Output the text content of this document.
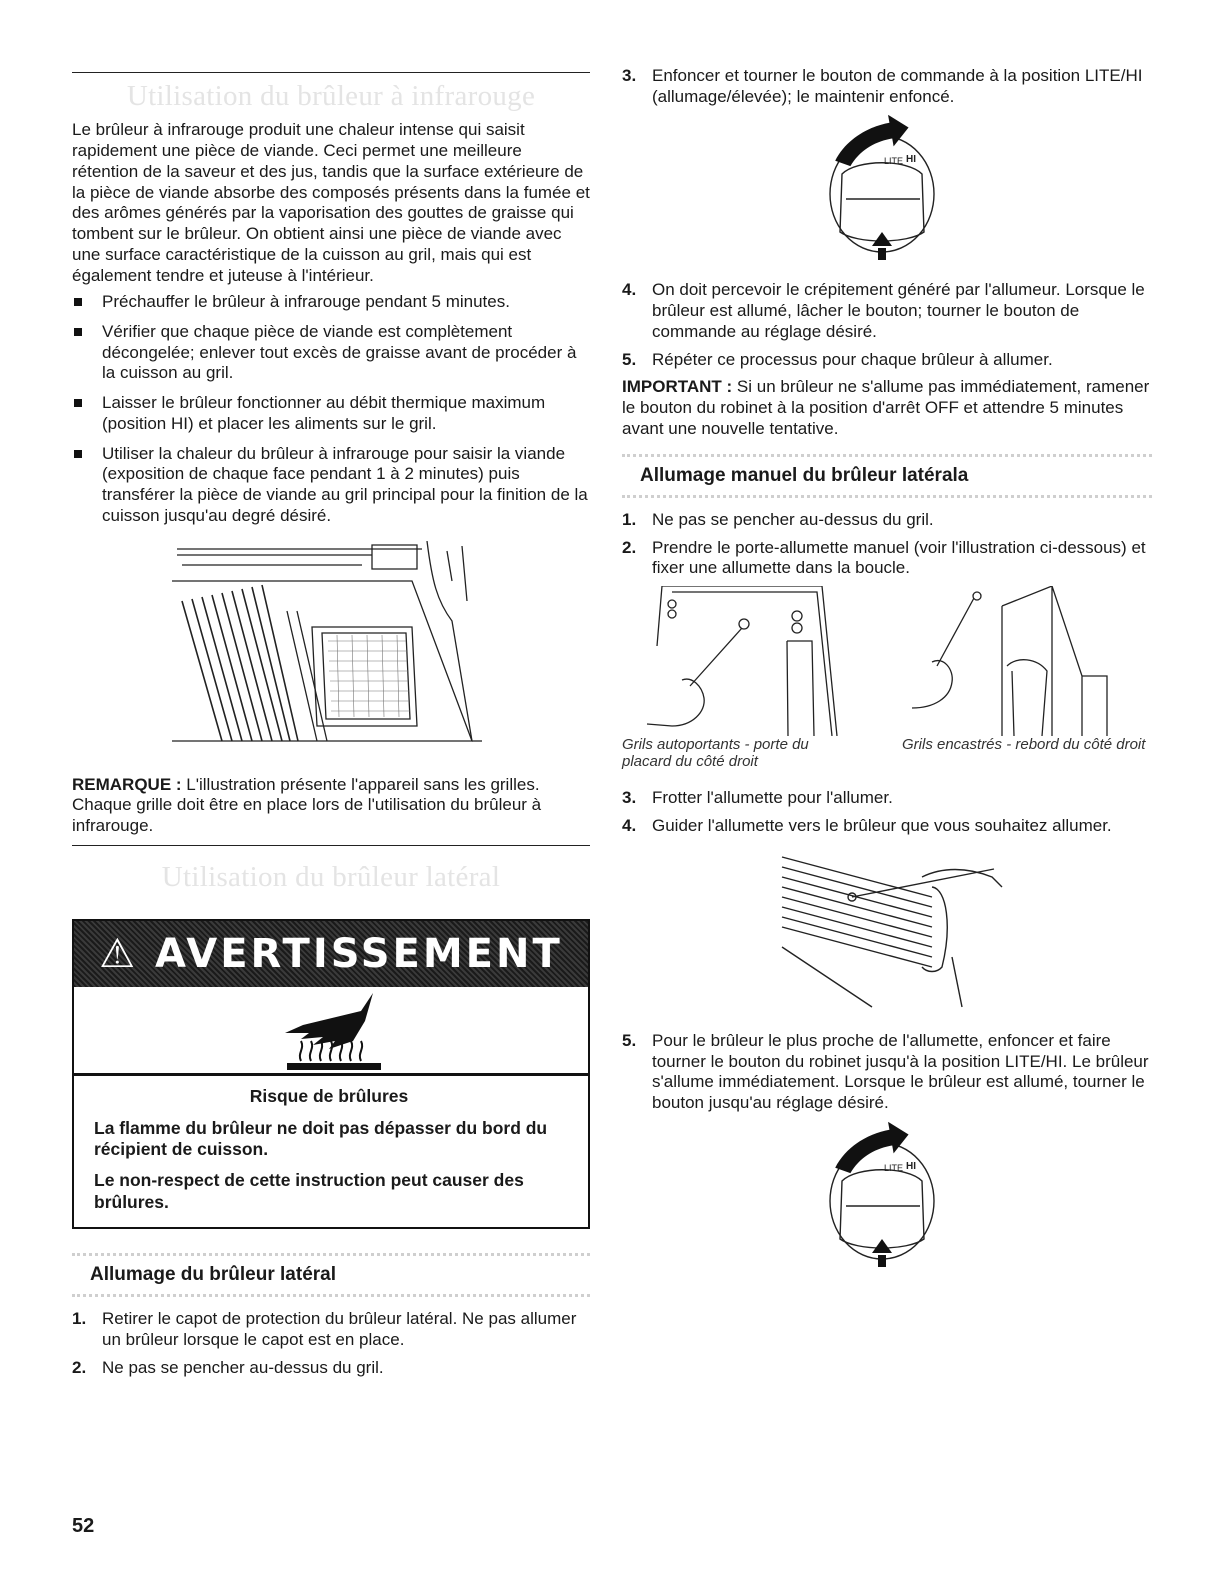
Utilisation du brûleur à infrarouge

Le brûleur à infrarouge produit une chaleur intense qui saisit rapidement une pièce de viande. Ceci permet une meilleure rétention de la saveur et des jus, tandis que la surface extérieure de la pièce de viande absorbe des composés présents dans la fumée et des arômes générés par la vaporisation des gouttes de graisse qui tombent sur le brûleur. On obtient ainsi une pièce de viande avec une surface caractéristique de la cuisson au gril, mais qui est également tendre et juteuse à l'intérieur.

Préchauffer le brûleur à infrarouge pendant 5 minutes.
Vérifier que chaque pièce de viande est complètement décongelée; enlever tout excès de graisse avant de procéder à la cuisson au gril.
Laisser le brûleur fonctionner au débit thermique maximum (position HI) et placer les aliments sur le gril.
Utiliser la chaleur du brûleur à infrarouge pour saisir la viande (exposition de chaque face pendant 1 à 2 minutes) puis transférer la pièce de viande au gril principal pour la finition de la cuisson jusqu'au degré désiré.

REMARQUE : L'illustration présente l'appareil sans les grilles. Chaque grille doit être en place lors de l'utilisation du brûleur à infrarouge.

Utilisation du brûleur latéral
⚠ AVERTISSEMENT

Risque de brûlures

La flamme du brûleur ne doit pas dépasser du bord du récipient de cuisson.

Le non-respect de cette instruction peut causer des brûlures.

Allumage du brûleur latéral
1. Retirer le capot de protection du brûleur latéral. Ne pas allumer un brûleur lorsque le capot est en place.
2. Ne pas se pencher au-dessus du gril.
3. Enfoncer et tourner le bouton de commande à la position LITE/HI (allumage/élevée); le maintenir enfoncé.
LITE HI
4. On doit percevoir le crépitement généré par l'allumeur. Lorsque le brûleur est allumé, lâcher le bouton; tourner le bouton de commande au réglage désiré.
5. Répéter ce processus pour chaque brûleur à allumer.

IMPORTANT : Si un brûleur ne s'allume pas immédiatement, ramener le bouton du robinet à la position d'arrêt OFF et attendre 5 minutes avant une nouvelle tentative.

Allumage manuel du brûleur latérala
1. Ne pas se pencher au-dessus du gril.
2. Prendre le porte-allumette manuel (voir l'illustration ci-dessous) et fixer une allumette dans la boucle.
Grils autoportants - porte du placard du côté droit
Grils encastrés - rebord du côté droit
3. Frotter l'allumette pour l'allumer.
4. Guider l'allumette vers le brûleur que vous souhaitez allumer.
5. Pour le brûleur le plus proche de l'allumette, enfoncer et faire tourner le bouton du robinet jusqu'à la position LITE/HI. Le brûleur s'allume immédiatement. Lorsque le brûleur est allumé, tourner le bouton jusqu'au réglage désiré.
LITE HI
52
